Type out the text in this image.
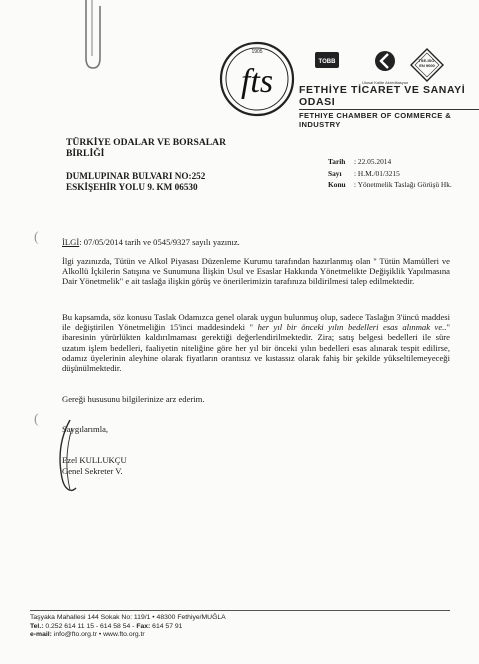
1905
fts
TOBB
Ulusal Kalite Akreditasyon
TSE-ISO-EN 9000
FETHİYE TİCARET VE SANAYİ ODASI
FETHIYE CHAMBER OF COMMERCE & INDUSTRY
TÜRKİYE ODALAR VE BORSALAR
BİRLİĞİ
DUMLUPINAR BULVARI NO:252
ESKİŞEHİR YOLU 9. KM 06530
Tarih	: 22.05.2014
Sayı	: H.M./01/3215
Konu	: Yönetmelik Taslağı Görüşü Hk.
(
(
İLGİ: 07/05/2014 tarih ve 0545/9327 sayılı yazınız.

İlgi yazınızda, Tütün ve Alkol Piyasası Düzenleme Kurumu tarafından hazırlanmış olan " Tütün Mamülleri ve Alkollü İçkilerin Satışına ve Sunumuna İlişkin Usul ve Esaslar Hakkında Yönetmelikte Değişiklik Yapılmasına Dair Yönetmelik" e ait taslağa ilişkin görüş ve önerilerimizin tarafınıza bildirilmesi talep edilmektedir.

Bu kapsamda, söz konusu Taslak Odamızca genel olarak uygun bulunmuş olup, sadece Taslağın 3'üncü maddesi ile değiştirilen Yönetmeliğin 15'inci maddesindeki " her yıl bir önceki yılın bedelleri esas alınmak ve.." ibaresinin yürürlükten kaldırılmaması gerektiği değerlendirilmektedir. Zira; satış belgesi bedelleri ile süre uzatım işlem bedelleri, faaliyetin niteliğine göre her yıl bir önceki yılın bedelleri esas alınarak tespit edilirse, odamız üyelerinin aleyhine olarak fiyatların orantısız ve kıstassız olarak fahiş bir şekilde yükseltilemeyeceği düşünülmektedir.

Gereği hususunu bilgilerinize arz ederim.

Saygılarımla,
Ezel KULLUKÇU
Genel Sekreter V.
Taşyaka Mahallesi 144 Sokak No: 119/1 • 48300 Fethiye/MUĞLA
Tel.: 0.252 614 11 15 - 614 58 54 - Fax: 614 57 91
e-mail: info@fto.org.tr • www.fto.org.tr
